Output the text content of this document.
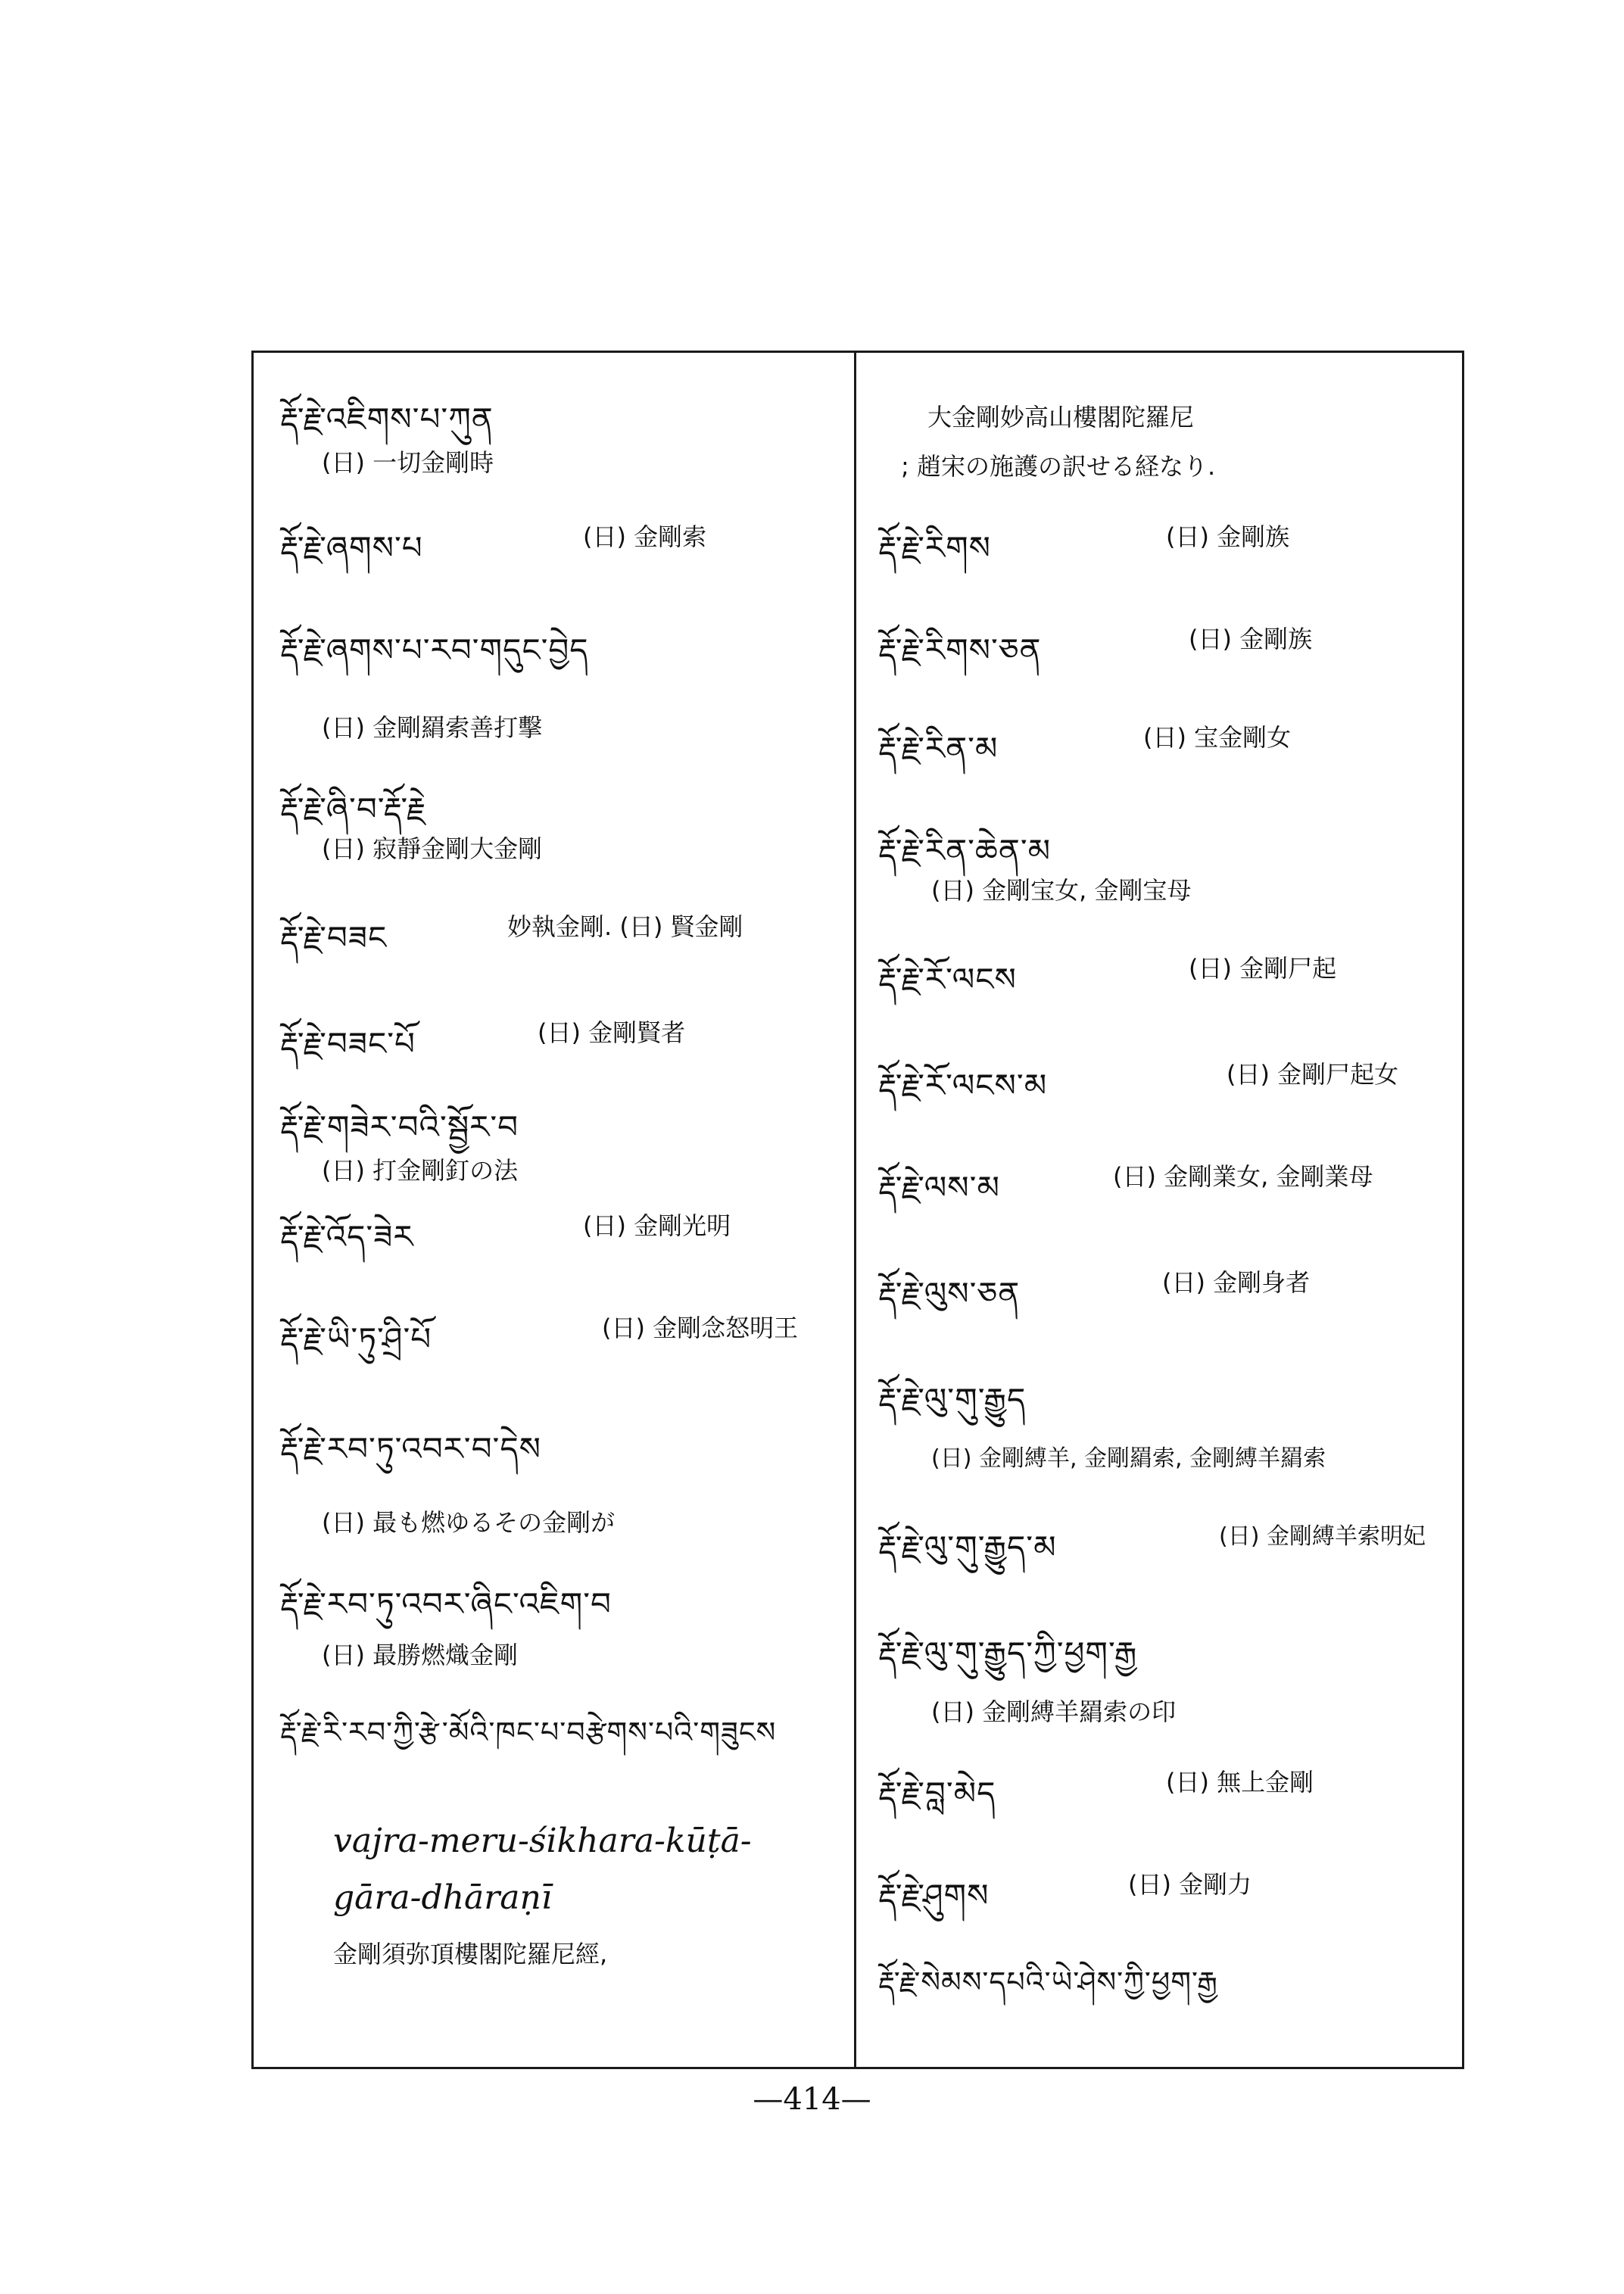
རྡོ་རྗེ་འཇིགས་པ་ཀུན
(日) 一切金剛時
རྡོ་རྗེ་ཞགས་པ	(日) 金剛索
རྡོ་རྗེ་ཞགས་པ་རབ་གདུང་བྱེད
(日) 金剛羂索善打擊
རྡོ་རྗེ་ཞི་བ་རྡོ་རྗེ
(日) 寂靜金剛大金剛
རྡོ་རྗེ་བཟང	妙執金剛. (日) 賢金剛
རྡོ་རྗེ་བཟང་པོ	(日) 金剛賢者
རྡོ་རྗེ་གཟེར་བའི་སྦྱོར་བ
(日) 打金剛釘の法
རྡོ་རྗེ་འོད་ཟེར	(日) 金剛光明
རྡོ་རྗེ་ཡི་ཏུ་ཤྲི་པོ	(日) 金剛念怒明王
རྡོ་རྗེ་རབ་ཏུ་འབར་བ་དེས
(日) 最も燃ゆるその金剛が
རྡོ་རྗེ་རབ་ཏུ་འབར་ཞིང་འཇིག་བ
(日) 最勝燃熾金剛
རྡོ་རྗེ་རི་རབ་ཀྱི་རྩེ་མོའི་ཁང་པ་བརྩེགས་པའི་གཟུངས
vajra-meru-śikhara-kūṭā-
gāra-dhāraṇī
金剛須弥頂樓閣陀羅尼經,
大金剛妙高山樓閣陀羅尼
; 趙宋の施護の訳せる経なり.
རྡོ་རྗེ་རིགས	(日) 金剛族
རྡོ་རྗེ་རིགས་ཅན	(日) 金剛族
རྡོ་རྗེ་རིན་མ	(日) 宝金剛女
རྡོ་རྗེ་རིན་ཆེན་མ
(日) 金剛宝女, 金剛宝母
རྡོ་རྗེ་རོ་ལངས	(日) 金剛尸起
རྡོ་རྗེ་རོ་ལངས་མ	(日) 金剛尸起女
རྡོ་རྗེ་ལས་མ	(日) 金剛業女, 金剛業母
རྡོ་རྗེ་ལུས་ཅན	(日) 金剛身者
རྡོ་རྗེ་ལུ་གུ་རྒྱུད
(日) 金剛縛羊, 金剛羂索, 金剛縛羊羂索
རྡོ་རྗེ་ལུ་གུ་རྒྱུད་མ	(日) 金剛縛羊索明妃
རྡོ་རྗེ་ལུ་གུ་རྒྱུད་ཀྱི་ཕྱག་རྒྱ
(日) 金剛縛羊羂索の印
རྡོ་རྗེ་བླ་མེད	(日) 無上金剛
རྡོ་རྗེ་ཤུགས	(日) 金剛力
རྡོ་རྗེ་སེམས་དཔའི་ཡེ་ཤེས་ཀྱི་ཕྱག་རྒྱ
—414—
